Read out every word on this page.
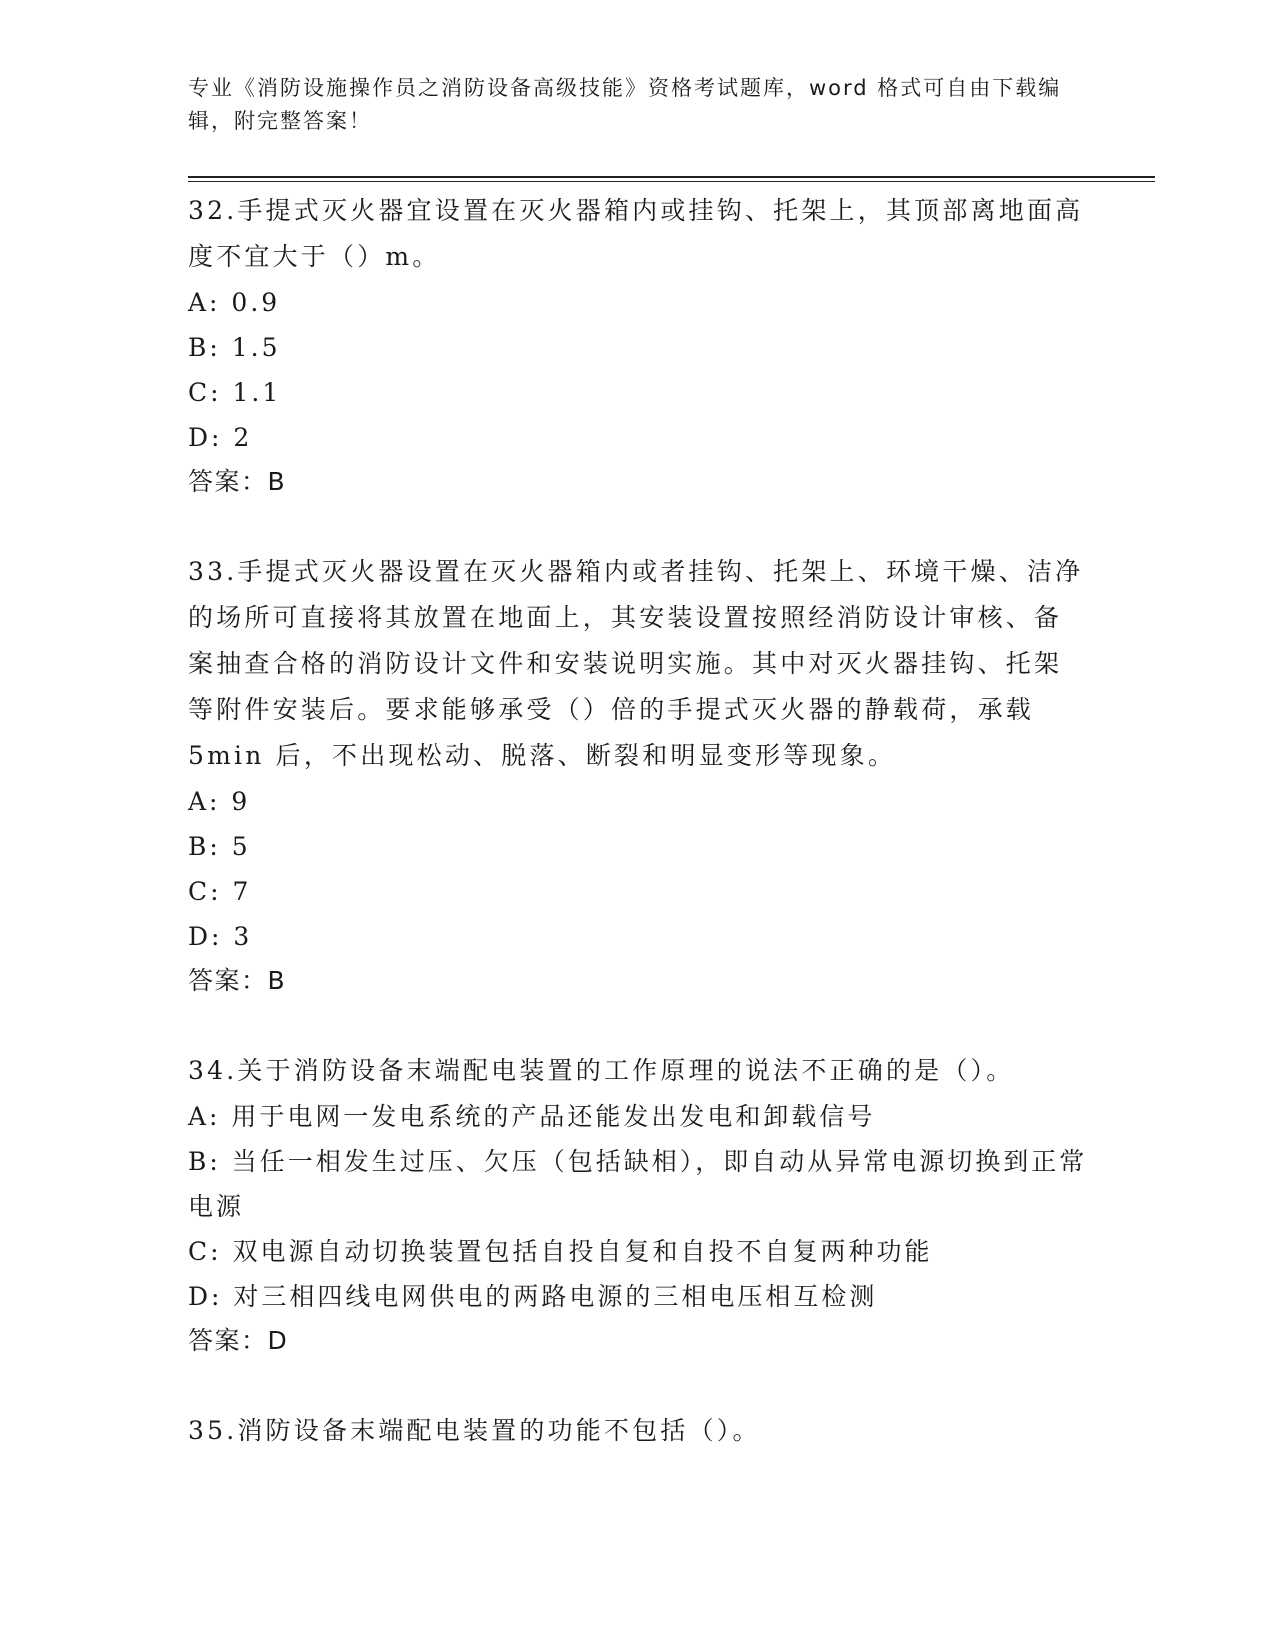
专业《消防设施操作员之消防设备高级技能》资格考试题库，word 格式可自由下载编辑，附完整答案！
32.手提式灭火器宜设置在灭火器箱内或挂钩、托架上，其顶部离地面高度不宜大于（）m。
A: 0.9
B: 1.5
C: 1.1
D: 2
答案：B
33.手提式灭火器设置在灭火器箱内或者挂钩、托架上、环境干燥、洁净的场所可直接将其放置在地面上，其安装设置按照经消防设计审核、备案抽查合格的消防设计文件和安装说明实施。其中对灭火器挂钩、托架等附件安装后。要求能够承受（）倍的手提式灭火器的静载荷，承载 5min 后，不出现松动、脱落、断裂和明显变形等现象。
A: 9
B: 5
C: 7
D: 3
答案：B
34.关于消防设备末端配电装置的工作原理的说法不正确的是（）。
A: 用于电网一发电系统的产品还能发出发电和卸载信号
B: 当任一相发生过压、欠压（包括缺相），即自动从异常电源切换到正常电源
C: 双电源自动切换装置包括自投自复和自投不自复两种功能
D: 对三相四线电网供电的两路电源的三相电压相互检测
答案：D
35.消防设备末端配电装置的功能不包括（）。
